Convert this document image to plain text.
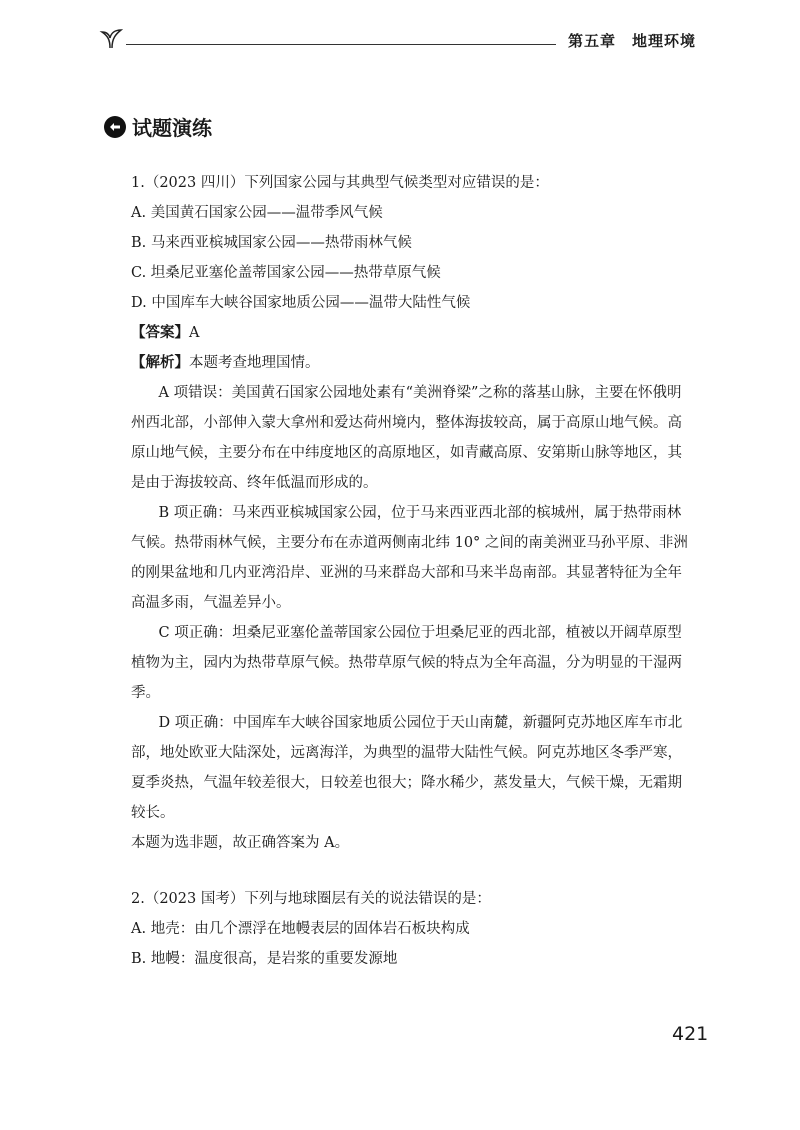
第五章　地理环境
试题演练

1.（2023 四川）下列国家公园与其典型气候类型对应错误的是：

A. 美国黄石国家公园——温带季风气候

B. 马来西亚槟城国家公园——热带雨林气候

C. 坦桑尼亚塞伦盖蒂国家公园——热带草原气候

D. 中国库车大峡谷国家地质公园——温带大陆性气候

【答案】A

【解析】本题考查地理国情。

A 项错误：美国黄石国家公园地处素有“美洲脊梁”之称的落基山脉，主要在怀俄明州西北部，小部伸入蒙大拿州和爱达荷州境内，整体海拔较高，属于高原山地气候。高原山地气候，主要分布在中纬度地区的高原地区，如青藏高原、安第斯山脉等地区，其是由于海拔较高、终年低温而形成的。

B 项正确：马来西亚槟城国家公园，位于马来西亚西北部的槟城州，属于热带雨林气候。热带雨林气候，主要分布在赤道两侧南北纬 10° 之间的南美洲亚马孙平原、非洲的刚果盆地和几内亚湾沿岸、亚洲的马来群岛大部和马来半岛南部。其显著特征为全年高温多雨，气温差异小。

C 项正确：坦桑尼亚塞伦盖蒂国家公园位于坦桑尼亚的西北部，植被以开阔草原型植物为主，园内为热带草原气候。热带草原气候的特点为全年高温，分为明显的干湿两季。

D 项正确：中国库车大峡谷国家地质公园位于天山南麓，新疆阿克苏地区库车市北部，地处欧亚大陆深处，远离海洋，为典型的温带大陆性气候。阿克苏地区冬季严寒，夏季炎热，气温年较差很大，日较差也很大；降水稀少，蒸发量大，气候干燥，无霜期较长。

本题为选非题，故正确答案为 A。

2.（2023 国考）下列与地球圈层有关的说法错误的是：

A. 地壳：由几个漂浮在地幔表层的固体岩石板块构成

B. 地幔：温度很高，是岩浆的重要发源地

421
